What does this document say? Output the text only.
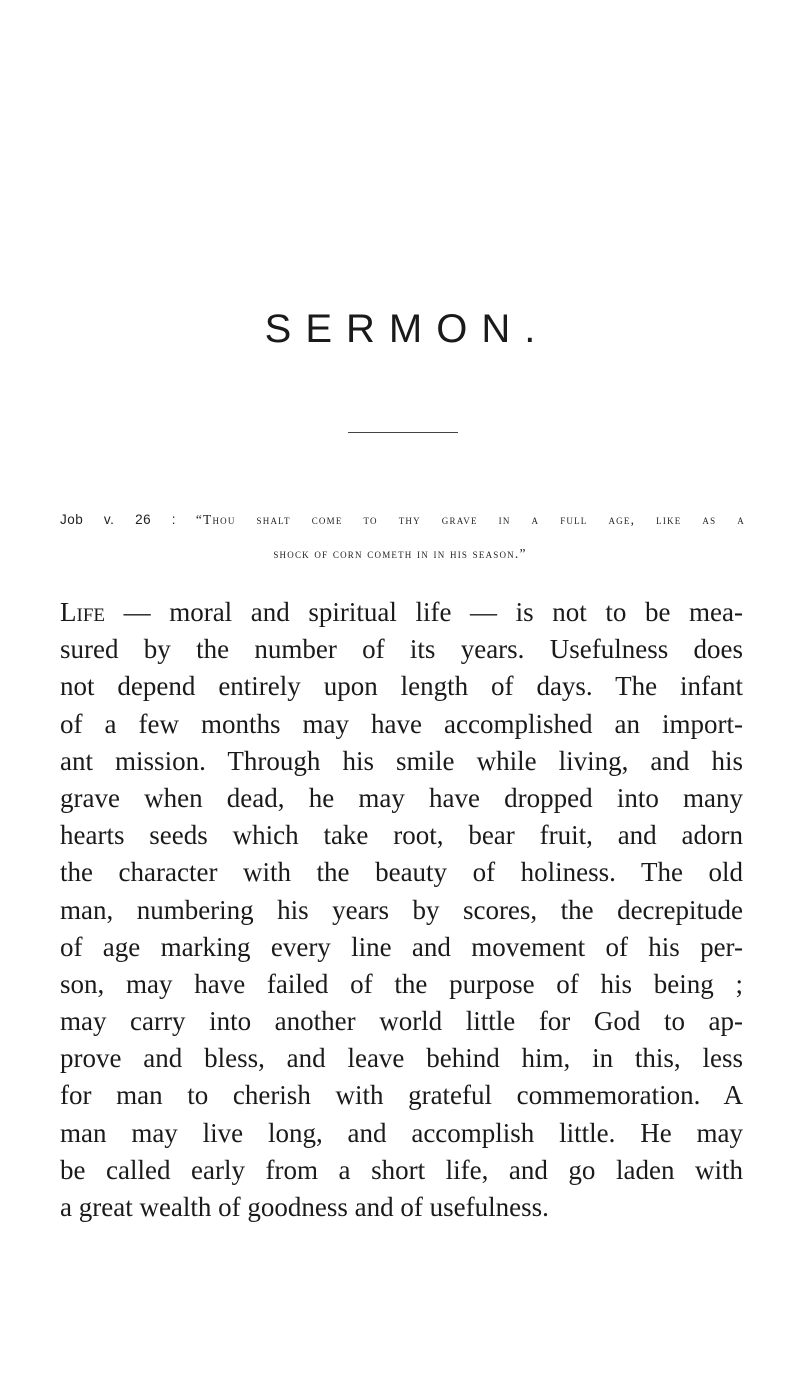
SERMON.
Job v. 26 : “Thou shalt come to thy grave in a full age, like as a
shock of corn cometh in in his season.”
Life — moral and spiritual life — is not to be mea-
sured by the number of its years. Usefulness does
not depend entirely upon length of days. The infant
of a few months may have accomplished an import-
ant mission. Through his smile while living, and his
grave when dead, he may have dropped into many
hearts seeds which take root, bear fruit, and adorn
the character with the beauty of holiness. The old
man, numbering his years by scores, the decrepitude
of age marking every line and movement of his per-
son, may have failed of the purpose of his being ;
may carry into another world little for God to ap-
prove and bless, and leave behind him, in this, less
for man to cherish with grateful commemoration. A
man may live long, and accomplish little. He may
be called early from a short life, and go laden with
a great wealth of goodness and of usefulness.
